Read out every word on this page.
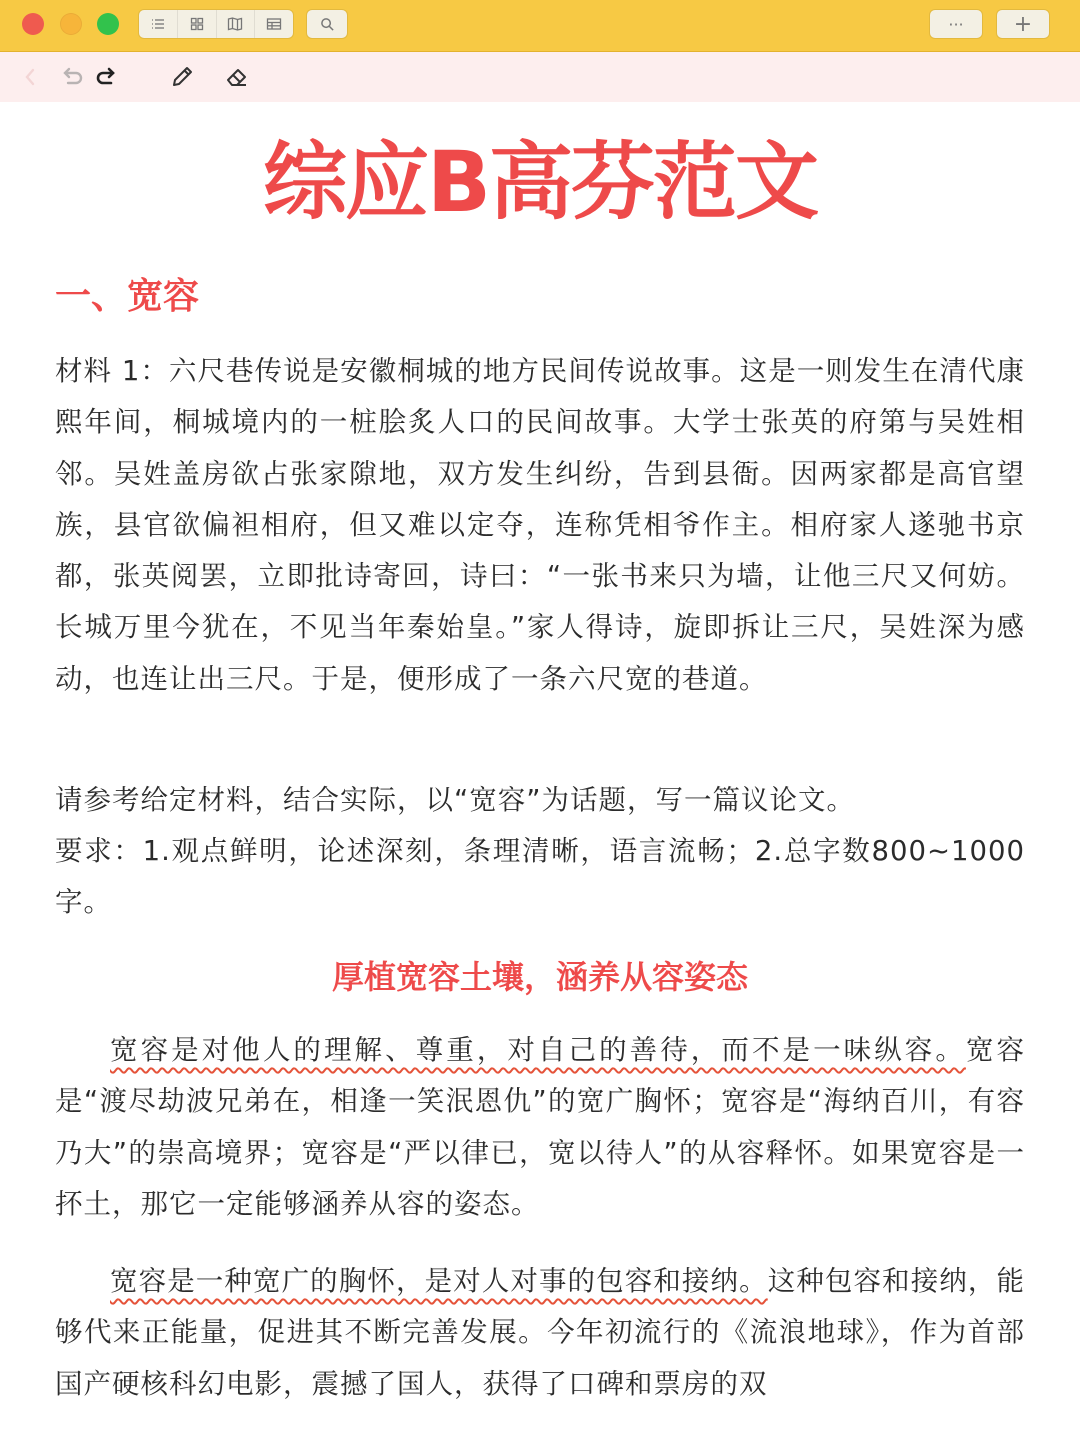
··· +
综应B高芬范文
一、宽容
材料 1：六尺巷传说是安徽桐城的地方民间传说故事。这是一则发生在清代康熙年间，桐城境内的一桩脍炙人口的民间故事。大学士张英的府第与吴姓相邻。吴姓盖房欲占张家隙地，双方发生纠纷，告到县衙。因两家都是高官望族，县官欲偏袒相府，但又难以定夺，连称凭相爷作主。相府家人遂驰书京都，张英阅罢，立即批诗寄回，诗曰：“一张书来只为墙，让他三尺又何妨。长城万里今犹在，不见当年秦始皇。”家人得诗，旋即拆让三尺，吴姓深为感动，也连让出三尺。于是，便形成了一条六尺宽的巷道。
请参考给定材料，结合实际，以“宽容”为话题，写一篇议论文。
要求：1.观点鲜明，论述深刻，条理清晰，语言流畅；2.总字数800~1000字。
厚植宽容土壤，涵养从容姿态
宽容是对他人的理解、尊重，对自己的善待，而不是一味纵容。宽容是“渡尽劫波兄弟在，相逢一笑泯恩仇”的宽广胸怀；宽容是“海纳百川，有容乃大”的崇高境界；宽容是“严以律已，宽以待人”的从容释怀。如果宽容是一抔土，那它一定能够涵养从容的姿态。
宽容是一种宽广的胸怀，是对人对事的包容和接纳。这种包容和接纳，能够代来正能量，促进其不断完善发展。今年初流行的《流浪地球》，作为首部国产硬核科幻电影，震撼了国人，获得了口碑和票房的双
